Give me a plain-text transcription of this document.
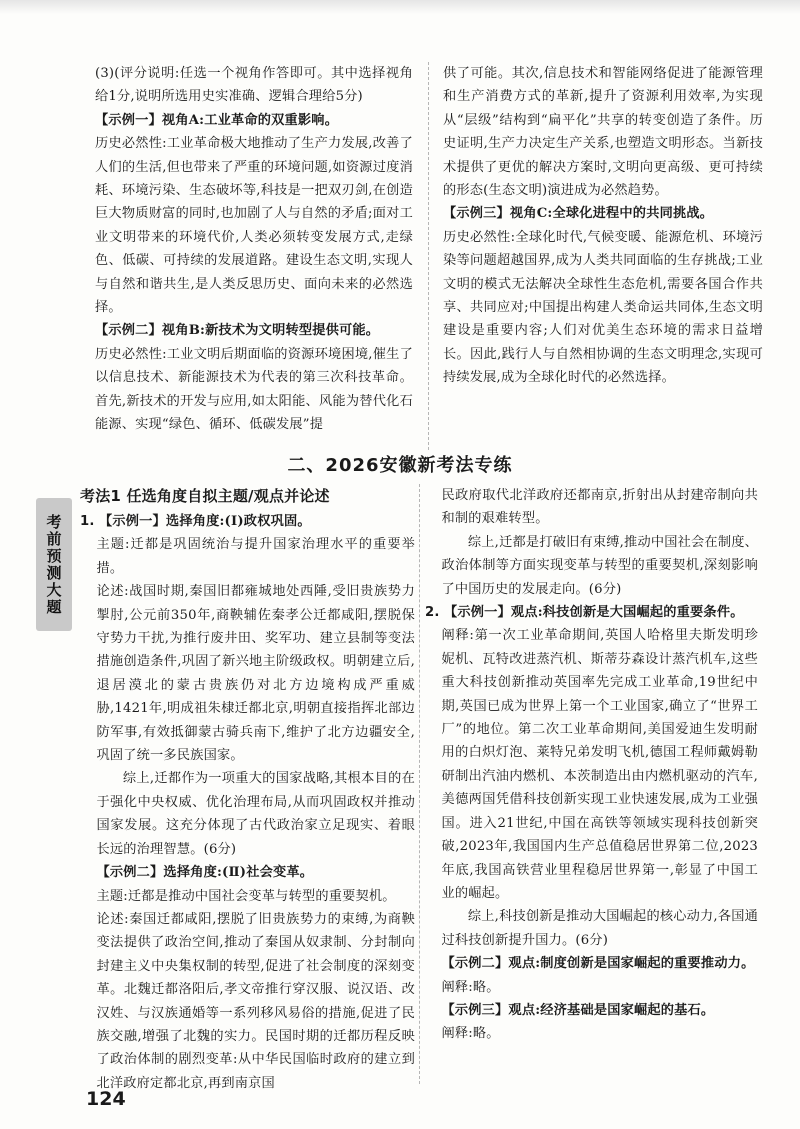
(3)(评分说明:任选一个视角作答即可。其中选择视角给1分,说明所选用史实准确、逻辑合理给5分)

【示例一】视角A:工业革命的双重影响。

历史必然性:工业革命极大地推动了生产力发展,改善了人们的生活,但也带来了严重的环境问题,如资源过度消耗、环境污染、生态破坏等,科技是一把双刃剑,在创造巨大物质财富的同时,也加剧了人与自然的矛盾;面对工业文明带来的环境代价,人类必须转变发展方式,走绿色、低碳、可持续的发展道路。建设生态文明,实现人与自然和谐共生,是人类反思历史、面向未来的必然选择。

【示例二】视角B:新技术为文明转型提供可能。

历史必然性:工业文明后期面临的资源环境困境,催生了以信息技术、新能源技术为代表的第三次科技革命。首先,新技术的开发与应用,如太阳能、风能为替代化石能源、实现“绿色、循环、低碳发展”提

供了可能。其次,信息技术和智能网络促进了能源管理和生产消费方式的革新,提升了资源利用效率,为实现从“层级”结构到“扁平化”共享的转变创造了条件。历史证明,生产力决定生产关系,也塑造文明形态。当新技术提供了更优的解决方案时,文明向更高级、更可持续的形态(生态文明)演进成为必然趋势。

【示例三】视角C:全球化进程中的共同挑战。

历史必然性:全球化时代,气候变暖、能源危机、环境污染等问题超越国界,成为人类共同面临的生存挑战;工业文明的模式无法解决全球性生态危机,需要各国合作共享、共同应对;中国提出构建人类命运共同体,生态文明建设是重要内容;人们对优美生态环境的需求日益增长。因此,践行人与自然相协调的生态文明理念,实现可持续发展,成为全球化时代的必然选择。

二、2026安徽新考法专练
考前预测大题
考法1 任选角度自拟主题/观点并论述

1. 【示例一】选择角度:(Ⅰ)政权巩固。

主题:迁都是巩固统治与提升国家治理水平的重要举措。

论述:战国时期,秦国旧都雍城地处西陲,受旧贵族势力掣肘,公元前350年,商鞅辅佐秦孝公迁都咸阳,摆脱保守势力干扰,为推行废井田、奖军功、建立县制等变法措施创造条件,巩固了新兴地主阶级政权。明朝建立后,退居漠北的蒙古贵族仍对北方边境构成严重威胁,1421年,明成祖朱棣迁都北京,明朝直接指挥北部边防军事,有效抵御蒙古骑兵南下,维护了北方边疆安全,巩固了统一多民族国家。

综上,迁都作为一项重大的国家战略,其根本目的在于强化中央权威、优化治理布局,从而巩固政权并推动国家发展。这充分体现了古代政治家立足现实、着眼长远的治理智慧。(6分)

【示例二】选择角度:(Ⅱ)社会变革。

主题:迁都是推动中国社会变革与转型的重要契机。

论述:秦国迁都咸阳,摆脱了旧贵族势力的束缚,为商鞅变法提供了政治空间,推动了秦国从奴隶制、分封制向封建主义中央集权制的转型,促进了社会制度的深刻变革。北魏迁都洛阳后,孝文帝推行穿汉服、说汉语、改汉姓、与汉族通婚等一系列移风易俗的措施,促进了民族交融,增强了北魏的实力。民国时期的迁都历程反映了政治体制的剧烈变革:从中华民国临时政府的建立到北洋政府定都北京,再到南京国

民政府取代北洋政府还都南京,折射出从封建帝制向共和制的艰难转型。

综上,迁都是打破旧有束缚,推动中国社会在制度、政治体制等方面实现变革与转型的重要契机,深刻影响了中国历史的发展走向。(6分)

2. 【示例一】观点:科技创新是大国崛起的重要条件。

阐释:第一次工业革命期间,英国人哈格里夫斯发明珍妮机、瓦特改进蒸汽机、斯蒂芬森设计蒸汽机车,这些重大科技创新推动英国率先完成工业革命,19世纪中期,英国已成为世界上第一个工业国家,确立了“世界工厂”的地位。第二次工业革命期间,美国爱迪生发明耐用的白炽灯泡、莱特兄弟发明飞机,德国工程师戴姆勒研制出汽油内燃机、本茨制造出由内燃机驱动的汽车,美德两国凭借科技创新实现工业快速发展,成为工业强国。进入21世纪,中国在高铁等领域实现科技创新突破,2023年,我国国内生产总值稳居世界第二位,2023年底,我国高铁营业里程稳居世界第一,彰显了中国工业的崛起。

综上,科技创新是推动大国崛起的核心动力,各国通过科技创新提升国力。(6分)

【示例二】观点:制度创新是国家崛起的重要推动力。

阐释:略。

【示例三】观点:经济基础是国家崛起的基石。

阐释:略。

124
